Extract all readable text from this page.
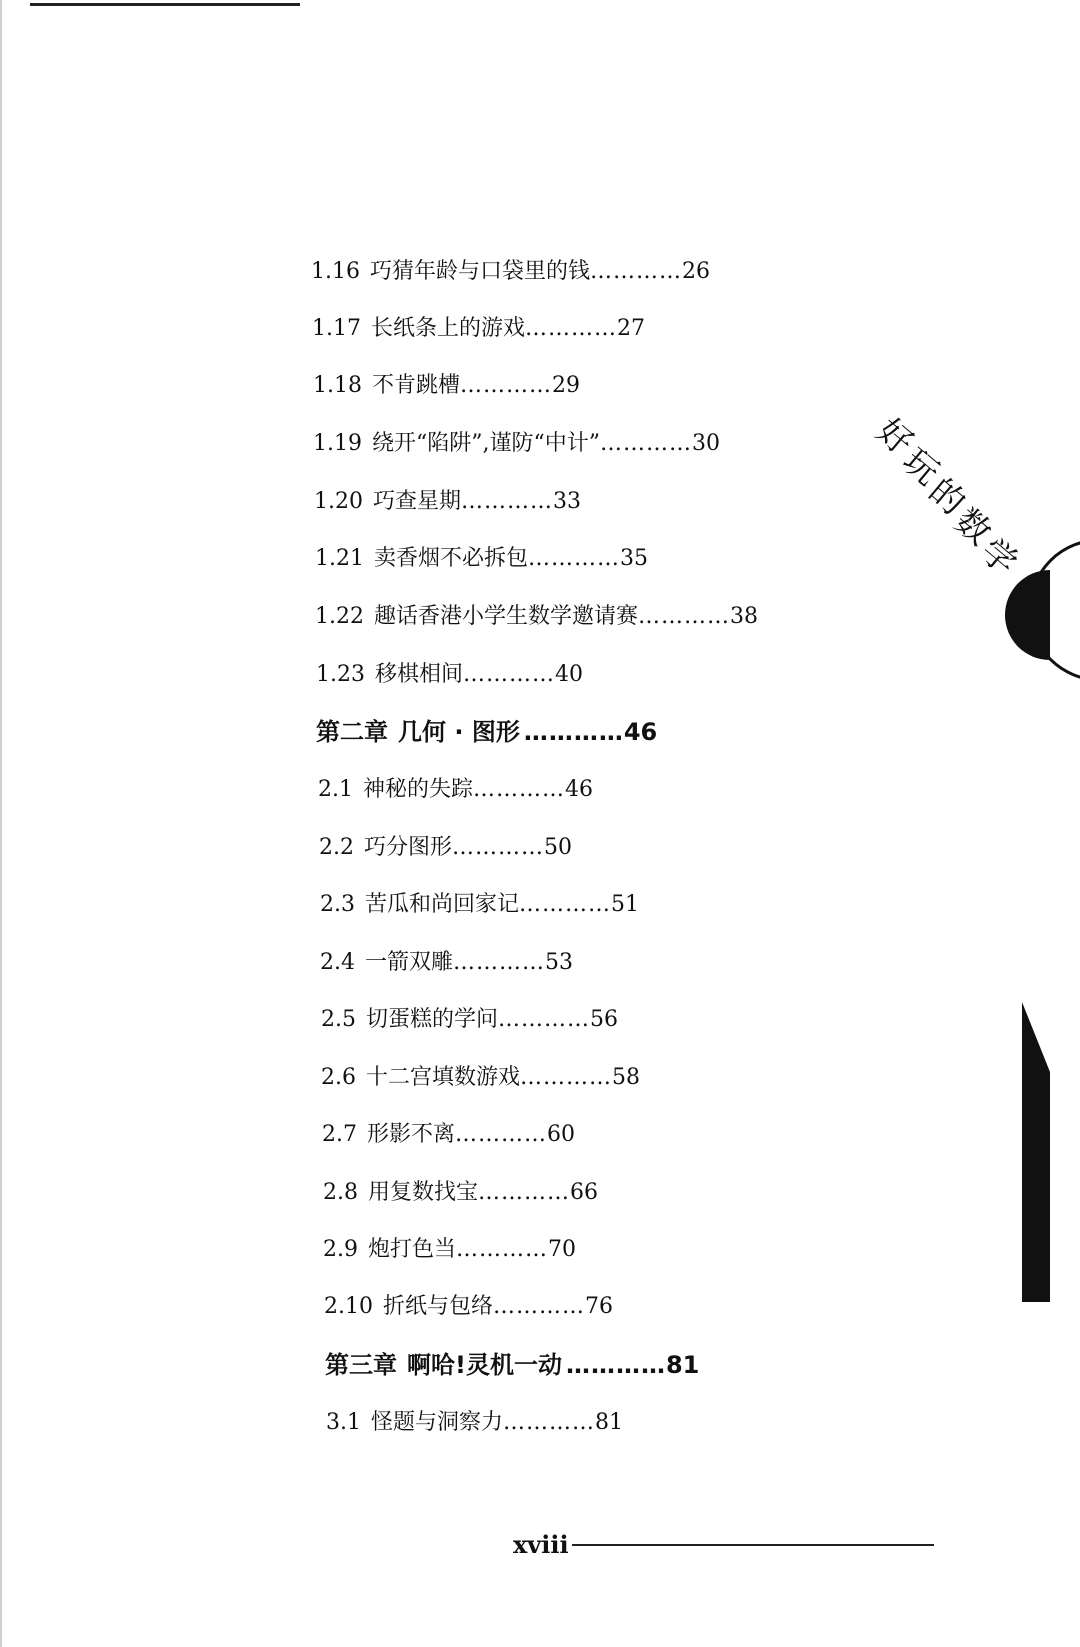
1.16 巧猜年龄与口袋里的钱…………26
1.17 长纸条上的游戏…………27
1.18 不肯跳槽…………29
1.19 绕开“陷阱”,谨防“中计”…………30
1.20 巧查星期…………33
1.21 卖香烟不必拆包…………35
1.22 趣话香港小学生数学邀请赛…………38
1.23 移棋相间…………40
第二章 几何 · 图形 …………46
2.1 神秘的失踪…………46
2.2 巧分图形…………50
2.3 苦瓜和尚回家记…………51
2.4 一箭双雕…………53
2.5 切蛋糕的学问…………56
2.6 十二宫填数游戏…………58
2.7 形影不离…………60
2.8 用复数找宝…………66
2.9 炮打色当…………70
2.10 折纸与包络…………76
第三章 啊哈!灵机一动 …………81
3.1 怪题与洞察力…………81
好
玩
的
数
学
xviii
